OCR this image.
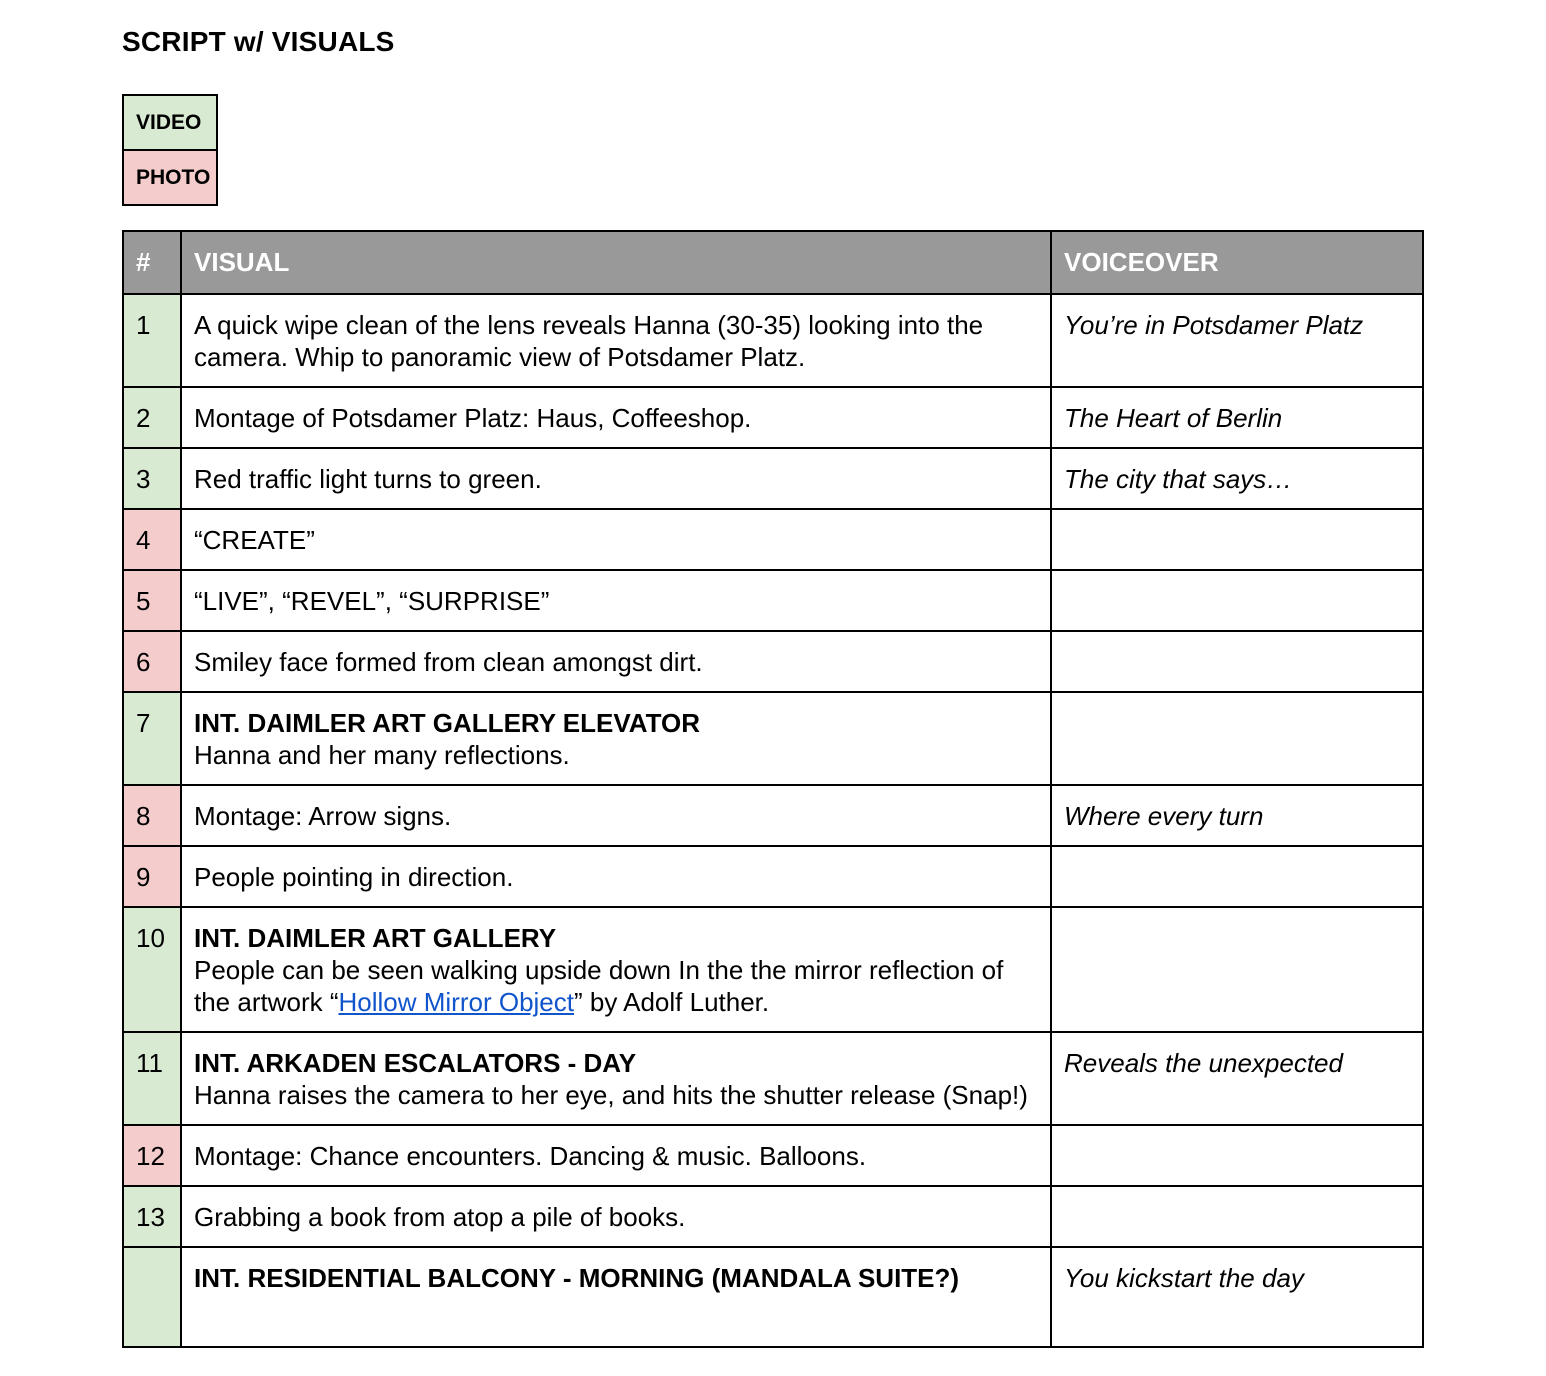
SCRIPT w/ VISUALS
VIDEO
PHOTO
#	VISUAL	VOICEOVER
1	A quick wipe clean of the lens reveals Hanna (30-35) looking into the camera. Whip to panoramic view of Potsdamer Platz.	You’re in Potsdamer Platz
2	Montage of Potsdamer Platz: Haus, Coffeeshop.	The Heart of Berlin
3	Red traffic light turns to green.	The city that says…
4	“CREATE”	
5	“LIVE”, “REVEL”, “SURPRISE”	
6	Smiley face formed from clean amongst dirt.	
7	INT. DAIMLER ART GALLERY ELEVATOR
Hanna and her many reflections.	
8	Montage: Arrow signs.	Where every turn
9	People pointing in direction.	
10	INT. DAIMLER ART GALLERY
People can be seen walking upside down In the the mirror reflection of the artwork “Hollow Mirror Object” by Adolf Luther.	
11	INT. ARKADEN ESCALATORS - DAY
Hanna raises the camera to her eye, and hits the shutter release (Snap!)	Reveals the unexpected
12	Montage: Chance encounters. Dancing & music. Balloons.	
13	Grabbing a book from atop a pile of books.	

	INT. RESIDENTIAL BALCONY - MORNING (MANDALA SUITE?)	You kickstart the day
